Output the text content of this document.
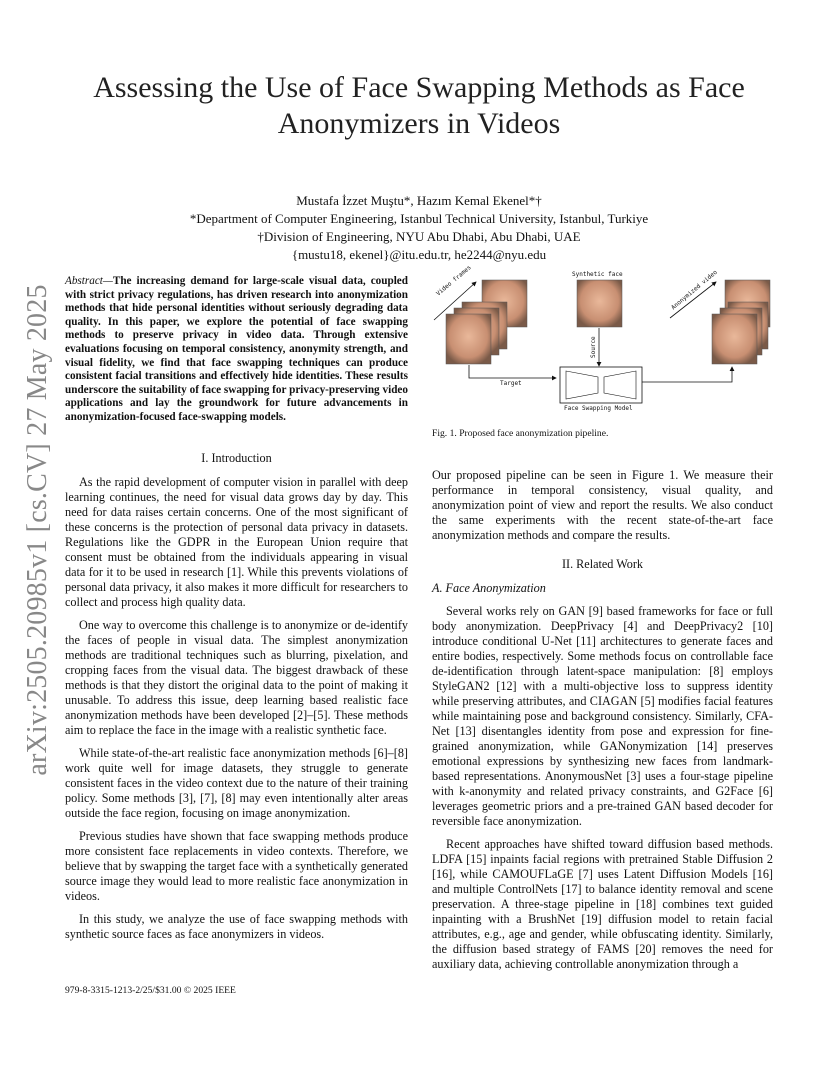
arXiv:2505.20985v1 [cs.CV] 27 May 2025
Assessing the Use of Face Swapping Methods as Face Anonymizers in Videos
Mustafa İzzet Muştu*, Hazım Kemal Ekenel*†
*Department of Computer Engineering, Istanbul Technical University, Istanbul, Turkiye
†Division of Engineering, NYU Abu Dhabi, Abu Dhabi, UAE
{mustu18, ekenel}@itu.edu.tr, he2244@nyu.edu
Abstract—The increasing demand for large-scale visual data, coupled with strict privacy regulations, has driven research into anonymization methods that hide personal identities without seriously degrading data quality. In this paper, we explore the potential of face swapping methods to preserve privacy in video data. Through extensive evaluations focusing on temporal consistency, anonymity strength, and visual fidelity, we find that face swapping techniques can produce consistent facial transitions and effectively hide identities. These results underscore the suitability of face swapping for privacy-preserving video applications and lay the groundwork for future advancements in anonymization-focused face-swapping models.

I. Introduction

As the rapid development of computer vision in parallel with deep learning continues, the need for visual data grows day by day. This need for data raises certain concerns. One of the most significant of these concerns is the protection of personal data privacy in datasets. Regulations like the GDPR in the European Union require that consent must be obtained from the individuals appearing in visual data for it to be used in research [1]. While this prevents violations of personal data privacy, it also makes it more difficult for researchers to collect and process high quality data.

One way to overcome this challenge is to anonymize or de-identify the faces of people in visual data. The simplest anonymization methods are traditional techniques such as blurring, pixelation, and cropping faces from the visual data. The biggest drawback of these methods is that they distort the original data to the point of making it unusable. To address this issue, deep learning based realistic face anonymization methods have been developed [2]–[5]. These methods aim to replace the face in the image with a realistic synthetic face.

While state-of-the-art realistic face anonymization methods [6]–[8] work quite well for image datasets, they struggle to generate consistent faces in the video context due to the nature of their training policy. Some methods [3], [7], [8] may even intentionally alter areas outside the face region, focusing on image anonymization.

Previous studies have shown that face swapping methods produce more consistent face replacements in video contexts. Therefore, we believe that by swapping the target face with a synthetically generated source image they would lead to more realistic face anonymization in videos.

In this study, we analyze the use of face swapping methods with synthetic source faces as face anonymizers in videos.

979-8-3315-1213-2/25/$31.00 © 2025 IEEE
Video frames	Synthetic face
Source
Target
Face Swapping Model
Anonymized video
Fig. 1. Proposed face anonymization pipeline.

Our proposed pipeline can be seen in Figure 1. We measure their performance in temporal consistency, visual quality, and anonymization point of view and report the results. We also conduct the same experiments with the recent state-of-the-art face anonymization methods and compare the results.

II. Related Work

A. Face Anonymization

Several works rely on GAN [9] based frameworks for face or full body anonymization. DeepPrivacy [4] and DeepPrivacy2 [10] introduce conditional U-Net [11] architectures to generate faces and entire bodies, respectively. Some methods focus on controllable face de-identification through latent-space manipulation: [8] employs StyleGAN2 [12] with a multi-objective loss to suppress identity while preserving attributes, and CIAGAN [5] modifies facial features while maintaining pose and background consistency. Similarly, CFA-Net [13] disentangles identity from pose and expression for fine-grained anonymization, while GANonymization [14] preserves emotional expressions by synthesizing new faces from landmark-based representations. AnonymousNet [3] uses a four-stage pipeline with k-anonymity and related privacy constraints, and G2Face [6] leverages geometric priors and a pre-trained GAN based decoder for reversible face anonymization.

Recent approaches have shifted toward diffusion based methods. LDFA [15] inpaints facial regions with pretrained Stable Diffusion 2 [16], while CAMOUFLaGE [7] uses Latent Diffusion Models [16] and multiple ControlNets [17] to balance identity removal and scene preservation. A three-stage pipeline in [18] combines text guided inpainting with a BrushNet [19] diffusion model to retain facial attributes, e.g., age and gender, while obfuscating identity. Similarly, the diffusion based strategy of FAMS [20] removes the need for auxiliary data, achieving controllable anonymization through a
